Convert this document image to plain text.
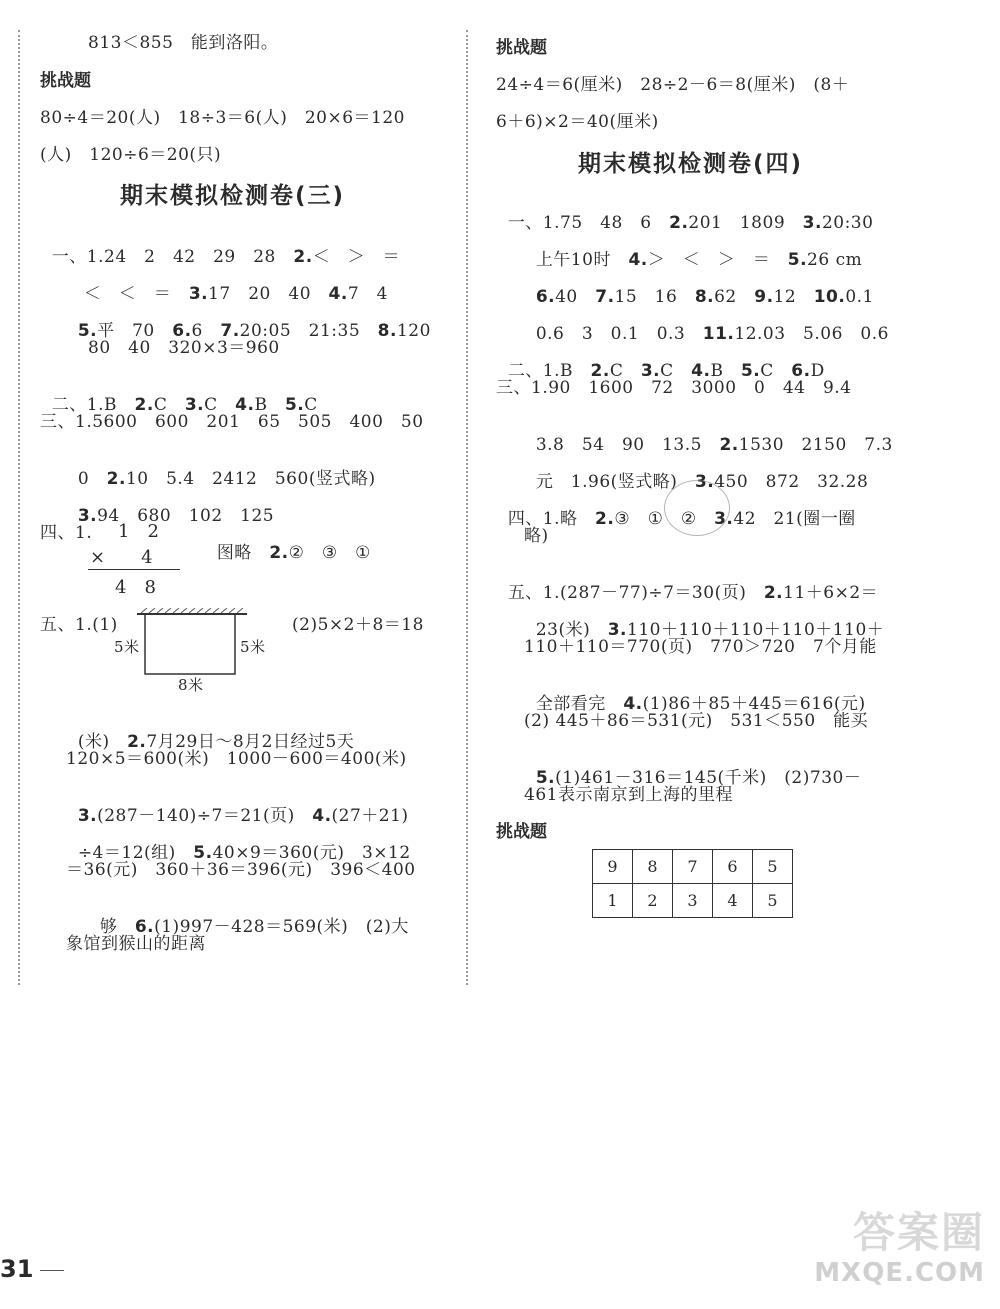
813＜855　能到洛阳。
挑战题
80÷4＝20(人)　18÷3＝6(人)　20×6＝120
(人)　120÷6＝20(只)
期末模拟检测卷(三)

一、1.24　2　42　29　28　2.＜　＞　＝

＜　＜　＝　3.17　20　40　4.7　4

5.平　70　6.6　7.20:05　21:35　8.120

80　40　320×3＝960

二、1.B　2.C　3.C　4.B　5.C

三、1.5600　600　201　65　505　400　50

0　2.10　5.4　2412　560(竖式略)

3.94　680　102　125

四、1. 1　2

图略　2.②　③　①

×　　4
4　8
五、1.(1)
5米	5米
8米
(2)5×2＋8＝18

(米)　2.7月29日～8月2日经过5天

120×5＝600(米)　1000－600＝400(米)

3.(287－140)÷7＝21(页)　4.(27＋21)

÷4＝12(组)　5.40×9＝360(元)　3×12

＝36(元)　360＋36＝396(元)　396＜400

够　6.(1)997－428＝569(米)　(2)大

象馆到猴山的距离
挑战题
24÷4＝6(厘米)　28÷2－6＝8(厘米)　(8＋
6＋6)×2＝40(厘米)
期末模拟检测卷(四)

一、1.75　48　6　2.201　1809　3.20:30

上午10时　4.＞　＜　＞　＝　5.26 cm

6.40　7.15　16　8.62　9.12　10.0.1

0.6　3　0.1　0.3　11.12.03　5.06　0.6

二、1.B　2.C　3.C　4.B　5.C　6.D

三、1.90　1600　72　3000　0　44　9.4

3.8　54　90　13.5　2.1530　2150　7.3

元　1.96(竖式略)　3.450　872　32.28

四、1.略　2.③　①　②　3.42　21(圈一圈

略)

五、1.(287－77)÷7＝30(页)　2.11＋6×2＝

23(米)　3.110＋110＋110＋110＋110＋

110＋110＝770(页)　770＞720　7个月能

全部看完　4.(1)86＋85＋445＝616(元)

(2) 445＋86＝531(元)　531＜550　能买

5.(1)461－316＝145(千米)　(2)730－

461表示南京到上海的里程
挑战题
9	8	7	6	5
1	2	3	4	5
31
答案圈
MXQE.COM
